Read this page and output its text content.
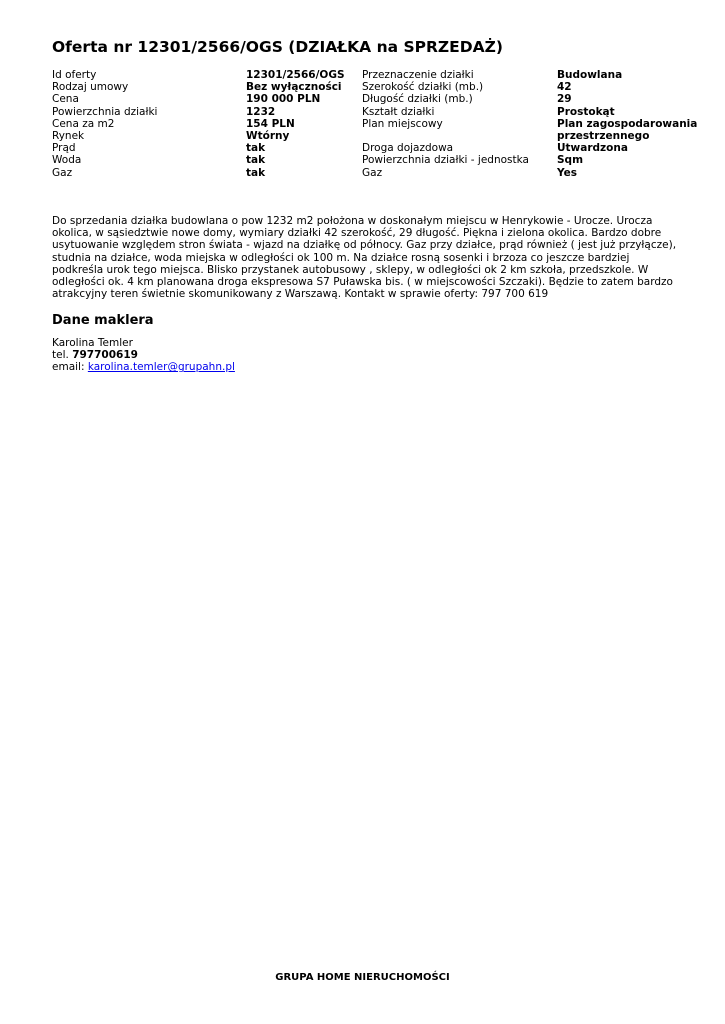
Oferta nr 12301/2566/OGS (DZIAŁKA na SPRZEDAŻ)
Id oferty	12301/2566/OGS	Przeznaczenie działki	Budowlana
Rodzaj umowy	Bez wyłączności	Szerokość działki (mb.)	42
Cena	190 000 PLN	Długość działki (mb.)	29
Powierzchnia działki	1232	Kształt działki	Prostokąt
Cena za m2	154 PLN	Plan miejscowy	Plan zagospodarowania
Rynek	Wtórny		przestrzennego
Prąd	tak	Droga dojazdowa	Utwardzona
Woda	tak	Powierzchnia działki - jednostka	Sqm
Gaz	tak	Gaz	Yes

Do sprzedania działka budowlana o pow 1232 m2 położona w doskonałym miejscu w Henrykowie - Urocze. Urocza okolica, w sąsiedztwie nowe domy, wymiary działki 42 szerokość, 29 długość. Piękna i zielona okolica. Bardzo dobre usytuowanie względem stron świata - wjazd na działkę od północy. Gaz przy działce, prąd również ( jest już przyłącze), studnia na działce, woda miejska w odległości ok 100 m. Na działce rosną sosenki i brzoza co jeszcze bardziej podkreśla urok tego miejsca. Blisko przystanek autobusowy , sklepy, w odległości ok 2 km szkoła, przedszkole. W odległości ok. 4 km planowana droga ekspresowa S7 Puławska bis. ( w miejscowości Szczaki). Będzie to zatem bardzo atrakcyjny teren świetnie skomunikowany z Warszawą. Kontakt w sprawie oferty: 797 700 619

Dane maklera
Karolina Temler
tel. 797700619
email: karolina.temler@grupahn.pl
GRUPA HOME NIERUCHOMOŚCI
